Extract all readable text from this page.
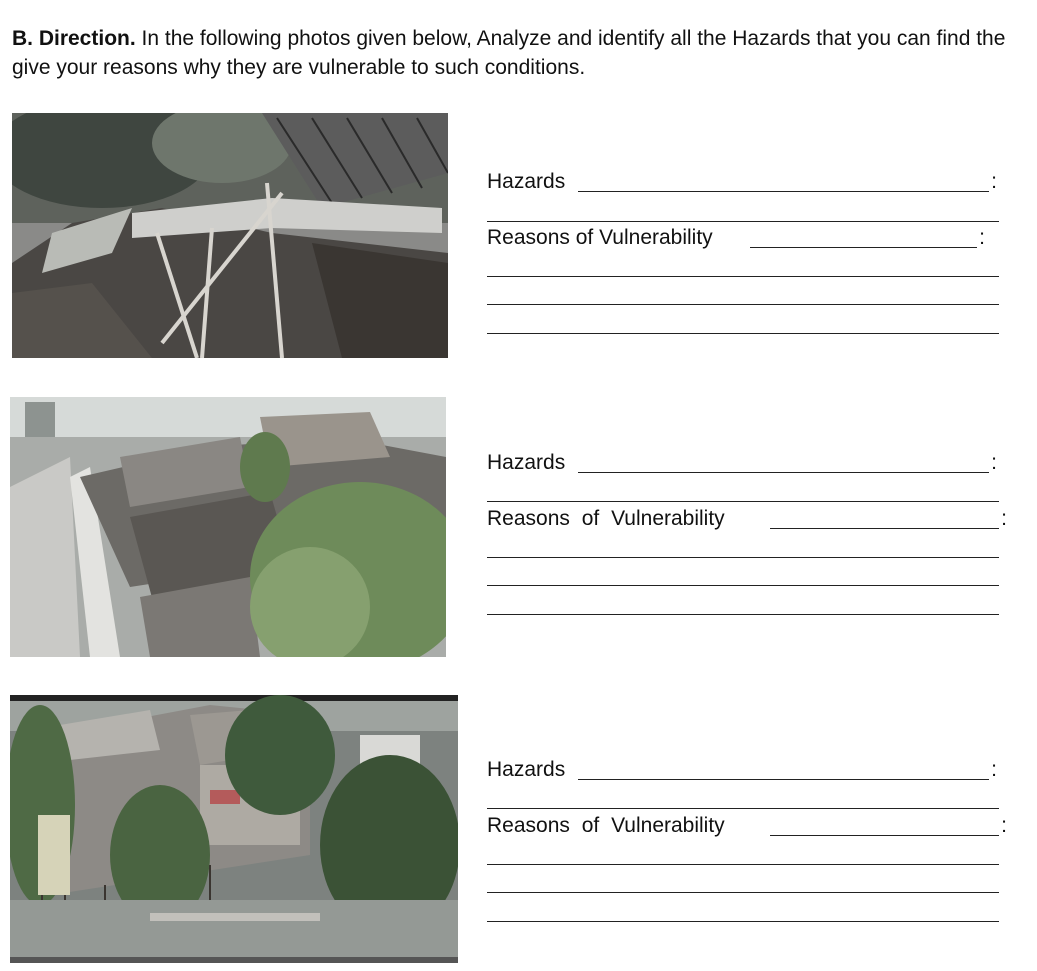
B. Direction. In the following photos given below, Analyze and identify all the Hazards that you can find the give your reasons why they are vulnerable to such conditions.
Hazards	:
Reasons of Vulnerability	:
Hazards	:
Reasons of Vulnerability	:
Hazards	:
Reasons of Vulnerability	:
